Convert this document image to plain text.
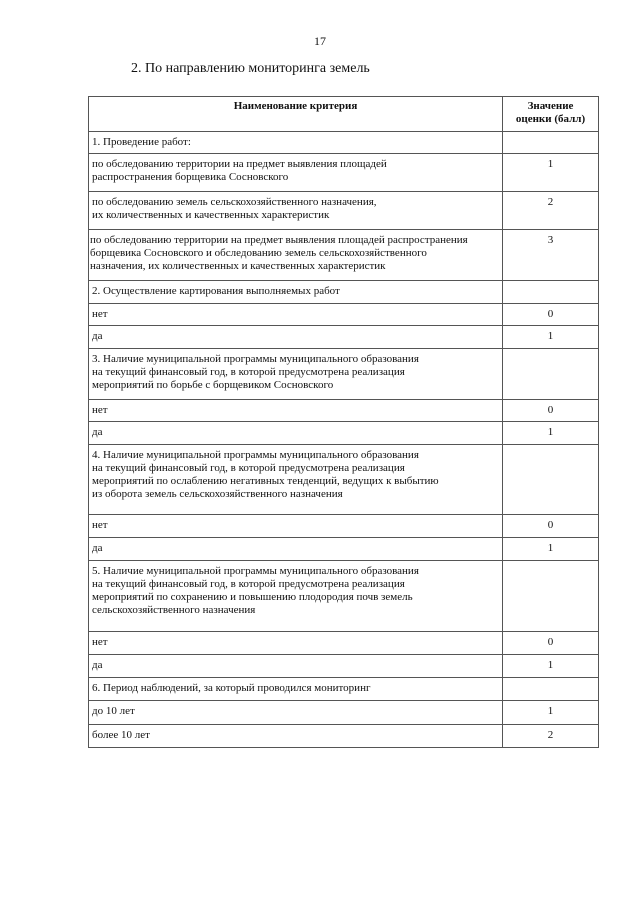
17
2. По направлению мониторинга земель
Наименование критерия	Значение
оценки (балл)

1. Проведение работ:	

по обследованию территории на предмет выявления площадей
распространения борщевика Сосновского	1

по обследованию земель сельскохозяйственного назначения,
их количественных и качественных характеристик	2

по обследованию территории на предмет выявления площадей распространения
борщевика Сосновского и обследованию земель сельскохозяйственного
назначения, их количественных и качественных характеристик	3

2. Осуществление картирования выполняемых работ	

нет	0

да	1

3. Наличие муниципальной программы муниципального образования
на текущий финансовый год, в которой предусмотрена реализация
мероприятий по борьбе с борщевиком Сосновского	

нет	0

да	1

4. Наличие муниципальной программы муниципального образования
на текущий финансовый год, в которой предусмотрена реализация
мероприятий по ослаблению негативных тенденций, ведущих к выбытию
из оборота земель сельскохозяйственного назначения	

нет	0

да	1

5. Наличие муниципальной программы муниципального образования
на текущий финансовый год, в которой предусмотрена реализация
мероприятий по сохранению и повышению плодородия почв земель
сельскохозяйственного назначения	

нет	0

да	1

6. Период наблюдений, за который проводился мониторинг	

до 10 лет	1

более 10 лет	2
